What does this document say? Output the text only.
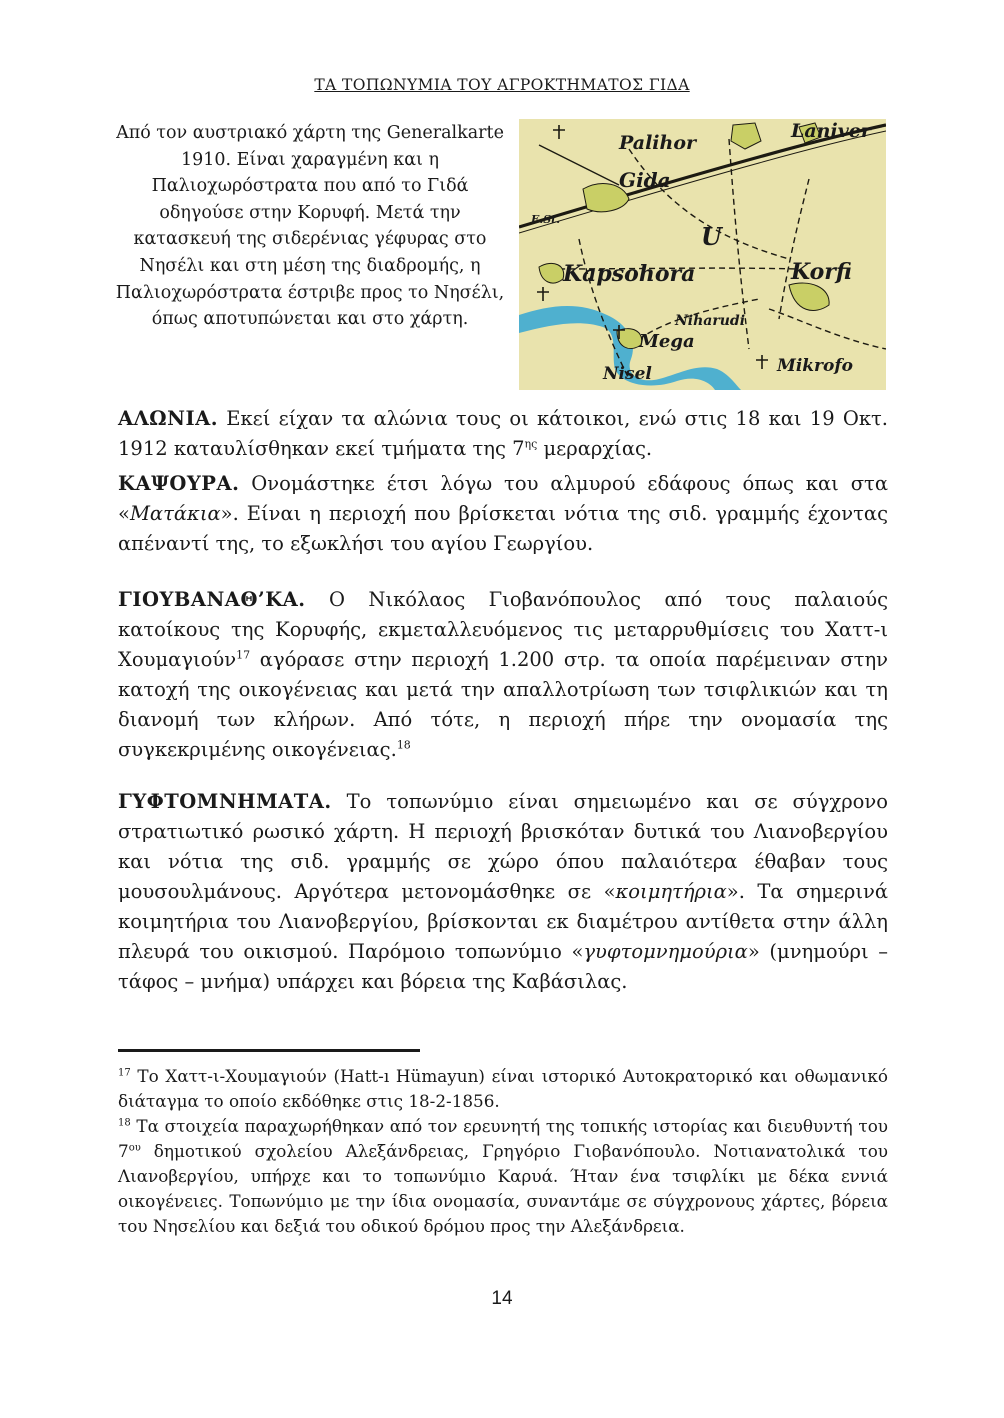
ΤΑ ΤΟΠΩΝΥΜΙΑ ΤΟΥ ΑΓΡΟΚΤΗΜΑΤΟΣ ΓΙΔΑ
Από τον αυστριακό χάρτη της Generalkarte 1910. Είναι χαραγμένη και η Παλιοχωρόστρατα που από το Γιδά οδηγούσε στην Κορυφή. Μετά την κατασκευή της σιδερένιας γέφυρας στο Νησέλι και στη μέση της διαδρομής, η Παλιοχωρόστρατα έστριβε προς το Νησέλι, όπως αποτυπώνεται και στο χάρτη.
Palihor
Laniver
Gida
E.St.
U
Kapsohora	Korfi
Niharudi
Mega
Nisel	Mikrofo

ΑΛΩΝΙΑ. Εκεί είχαν τα αλώνια τους οι κάτοικοι, ενώ στις 18 και 19 Οκτ. 1912 καταυλίσθηκαν εκεί τμήματα της $7^{\eta\varsigma}$ μεραρχίας.

ΚΑΨΟΥΡΑ. Ονομάστηκε έτσι λόγω του αλμυρού εδάφους όπως και στα «Ματάκια». Είναι η περιοχή που βρίσκεται νότια της σιδ. γραμμής έχοντας απέναντί της, το εξωκλήσι του αγίου Γεωργίου.

ΓΙΟΥΒΑΝΑΘ’ΚΑ. Ο Νικόλαος Γιοβανόπουλος από τους παλαιούς κατοίκους της Κορυφής, εκμεταλλευόμενος τις μεταρρυθμίσεις του Χαττ-ι Χουμαγιούν$^{17}$ αγόρασε στην περιοχή 1.200 στρ. τα οποία παρέμειναν στην κατοχή της οικογένειας και μετά την απαλλοτρίωση των τσιφλικιών και τη διανομή των κλήρων. Από τότε, η περιοχή πήρε την ονομασία της συγκεκριμένης οικογένειας.$^{18}$

ΓΥΦΤΟΜΝΗΜΑΤΑ. Το τοπωνύμιο είναι σημειωμένο και σε σύγχρονο στρατιωτικό ρωσικό χάρτη. Η περιοχή βρισκόταν δυτικά του Λιανοβεργίου και νότια της σιδ. γραμμής σε χώρο όπου παλαιότερα έθαβαν τους μουσουλμάνους. Αργότερα μετονομάσθηκε σε «κοιμητήρια». Τα σημερινά κοιμητήρια του Λιανοβεργίου, βρίσκονται εκ διαμέτρου αντίθετα στην άλλη πλευρά του οικισμού. Παρόμοιο τοπωνύμιο «γυφτομνημούρια» (μνημούρι – τάφος – μνήμα) υπάρχει και βόρεια της Καβάσιλας.

$^{17}$ Το Χαττ-ι-Χουμαγιούν (Hatt-ı Hümayun) είναι ιστορικό Αυτοκρατορικό και οθωμανικό διάταγμα το οποίο εκδόθηκε στις 18-2-1856.

$^{18}$ Τα στοιχεία παραχωρήθηκαν από τον ερευνητή της τοπικής ιστορίας και διευθυντή του $7^{o\upsilon}$ δημοτικού σχολείου Αλεξάνδρειας, Γρηγόριο Γιοβανόπουλο. Νοτιανατολικά του Λιανοβεργίου, υπήρχε και το τοπωνύμιο Καρυά. Ήταν ένα τσιφλίκι με δέκα εννιά οικογένειες. Τοπωνύμιο με την ίδια ονομασία, συναντάμε σε σύγχρονους χάρτες, βόρεια του Νησελίου και δεξιά του οδικού δρόμου προς την Αλεξάνδρεια.

14
